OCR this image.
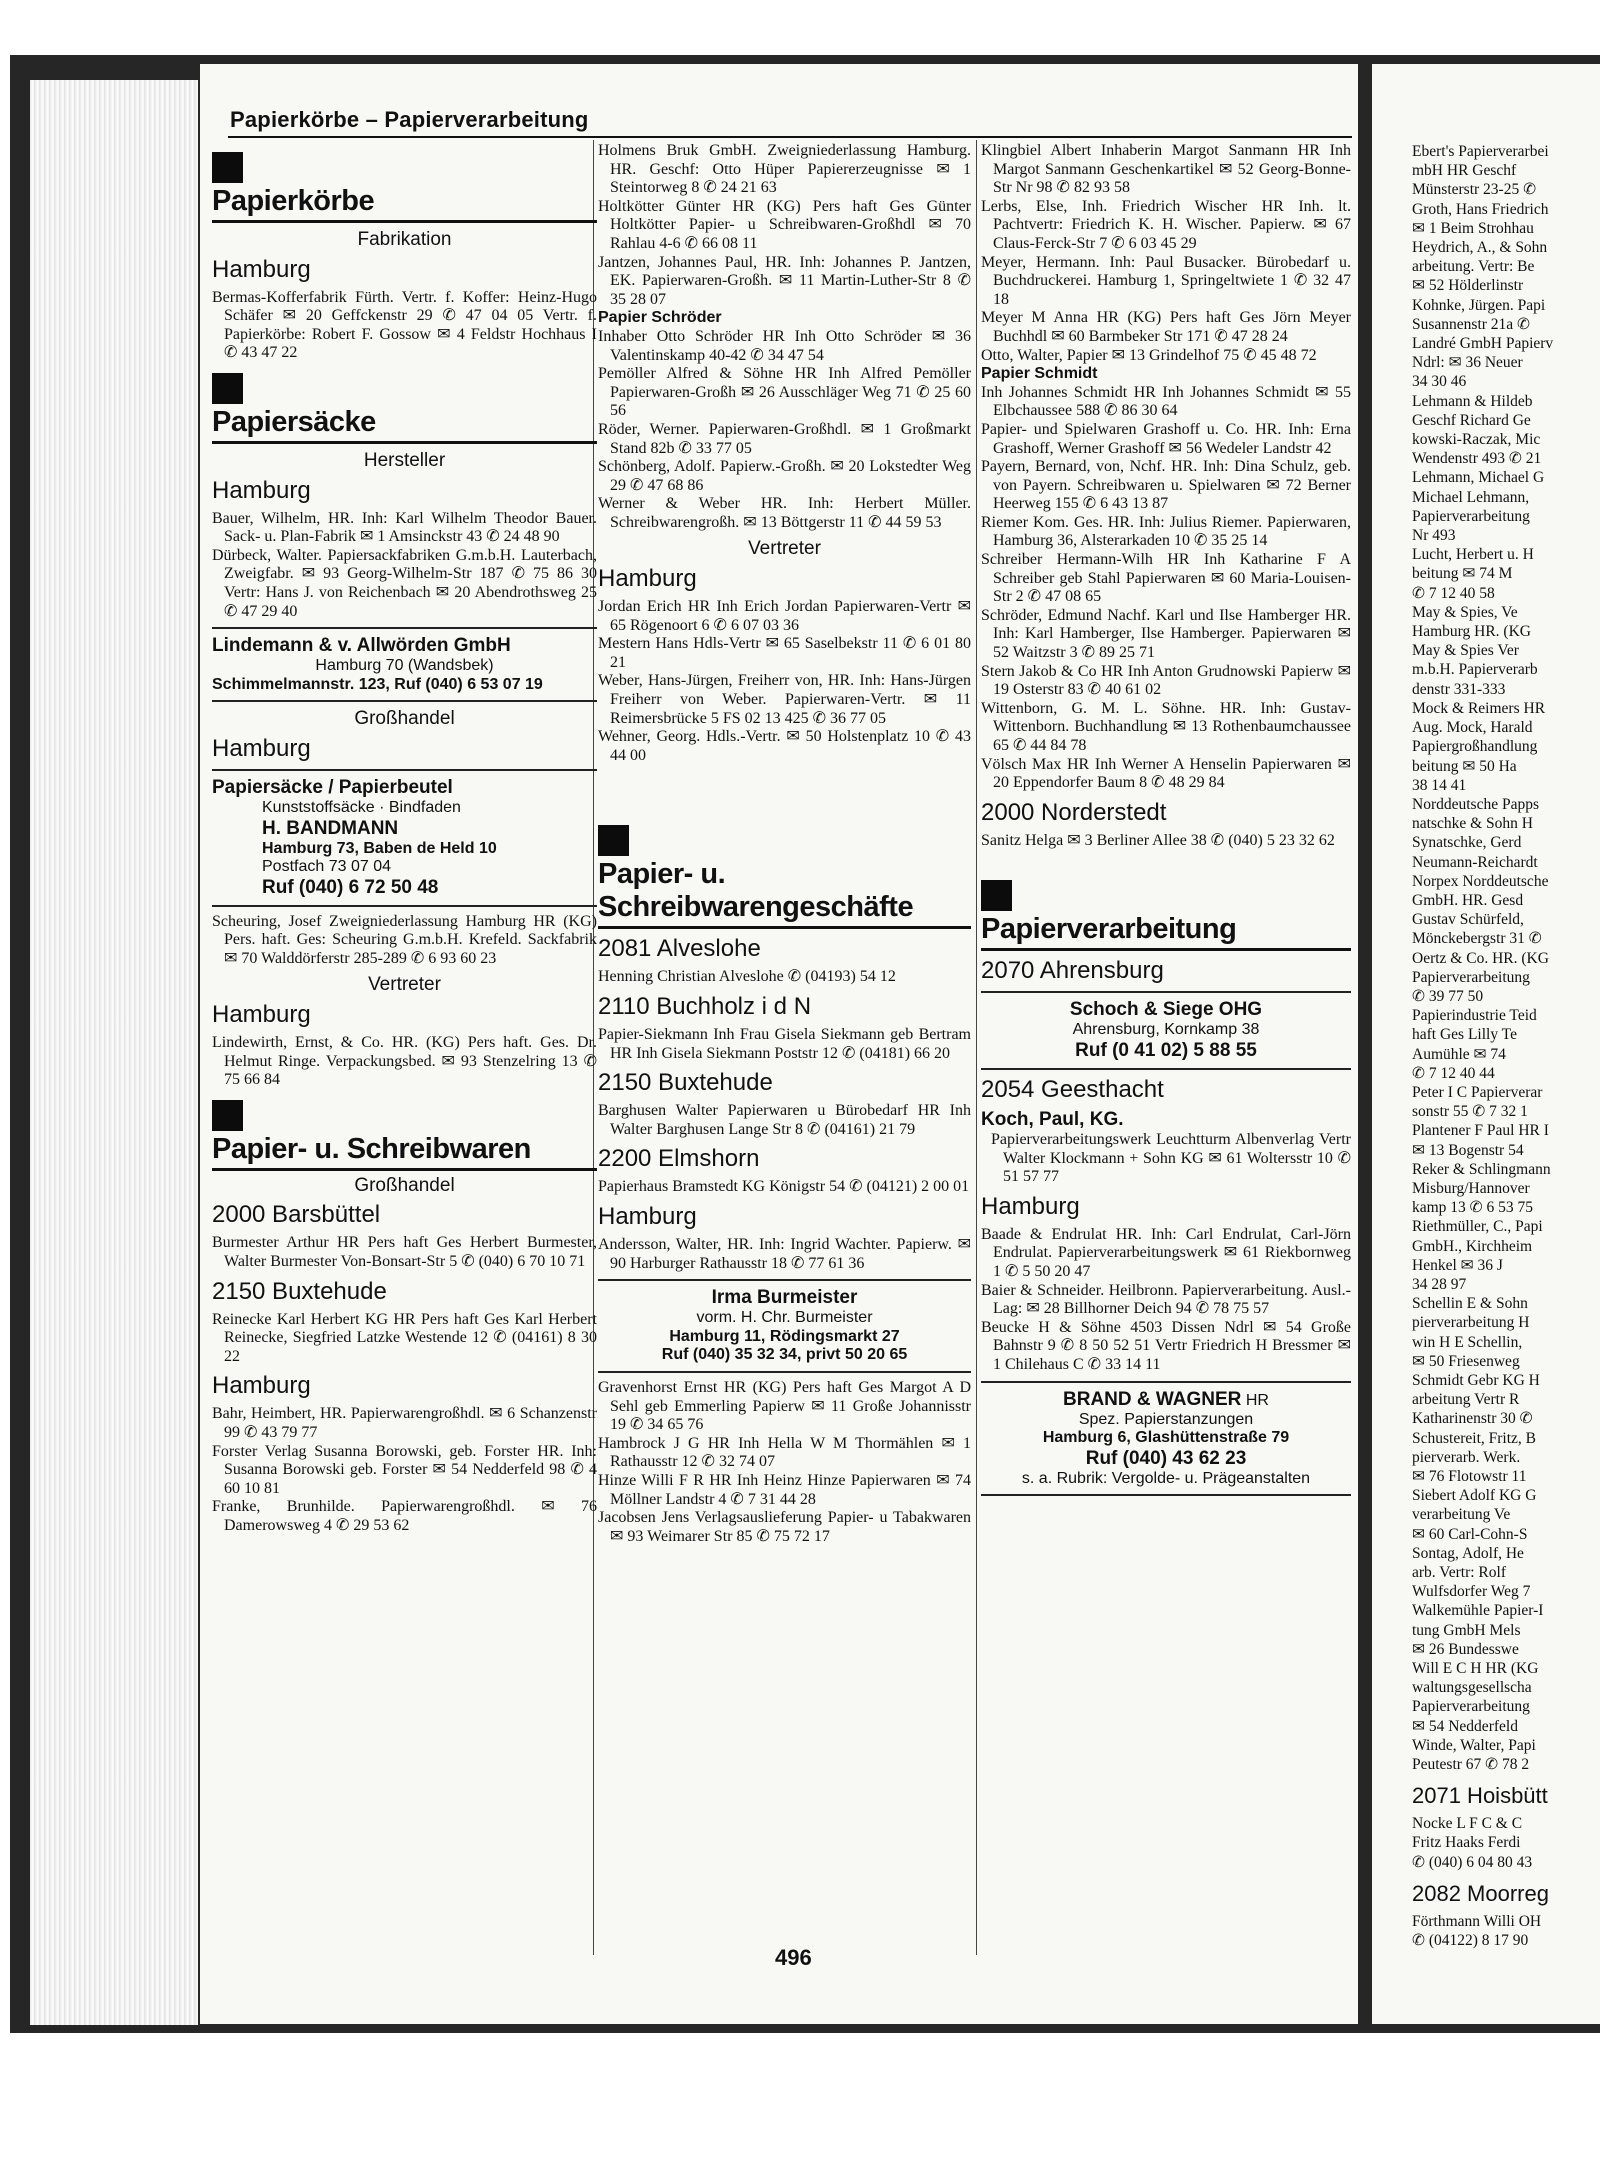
Papierkörbe – Papierverarbeitung
Papierkörbe
Fabrikation
Hamburg

Bermas-Kofferfabrik Fürth. Vertr. f. Koffer: Heinz-Hugo Schäfer ✉ 20 Geffckenstr 29 ✆ 47 04 05 Vertr. f. Papierkörbe: Robert F. Gossow ✉ 4 Feldstr Hochhaus I ✆ 43 47 22

Papiersäcke
Hersteller
Hamburg

Bauer, Wilhelm, HR. Inh: Karl Wilhelm Theodor Bauer. Sack- u. Plan-Fabrik ✉ 1 Amsinckstr 43 ✆ 24 48 90

Dürbeck, Walter. Papiersackfabriken G.m.b.H. Lauterbach, Zweigfabr. ✉ 93 Georg-Wilhelm-Str 187 ✆ 75 86 30 Vertr: Hans J. von Reichenbach ✉ 20 Abendrothsweg 25 ✆ 47 29 40

Lindemann & v. Allwörden GmbH
Hamburg 70 (Wandsbek)
Schimmelmannstr. 123, Ruf (040) 6 53 07 19
Großhandel
Hamburg
Papiersäcke / Papierbeutel
Kunststoffsäcke · Bindfaden
H. BANDMANN
Hamburg 73, Baben de Held 10
Postfach 73 07 04
Ruf (040) 6 72 50 48

Scheuring, Josef Zweigniederlassung Hamburg HR (KG) Pers. haft. Ges: Scheuring G.m.b.H. Krefeld. Sackfabrik ✉ 70 Walddörferstr 285-289 ✆ 6 93 60 23

Vertreter
Hamburg

Lindewirth, Ernst, & Co. HR. (KG) Pers haft. Ges. Dr. Helmut Ringe. Verpackungsbed. ✉ 93 Stenzelring 13 ✆ 75 66 84

Papier- u. Schreibwaren
Großhandel
2000 Barsbüttel

Burmester Arthur HR Pers haft Ges Herbert Burmester, Walter Burmester Von-Bonsart-Str 5 ✆ (040) 6 70 10 71

2150 Buxtehude

Reinecke Karl Herbert KG HR Pers haft Ges Karl Herbert Reinecke, Siegfried Latzke Westende 12 ✆ (04161) 8 30 22

Hamburg

Bahr, Heimbert, HR. Papierwarengroßhdl. ✉ 6 Schanzenstr 99 ✆ 43 79 77

Forster Verlag Susanna Borowski, geb. Forster HR. Inh: Susanna Borowski geb. Forster ✉ 54 Nedderfeld 98 ✆ 4 60 10 81

Franke, Brunhilde. Papierwarengroßhdl. ✉ 76 Damerowsweg 4 ✆ 29 53 62

Holmens Bruk GmbH. Zweigniederlassung Hamburg. HR. Geschf: Otto Hüper Papiererzeugnisse ✉ 1 Steintorweg 8 ✆ 24 21 63

Holtkötter Günter HR (KG) Pers haft Ges Günter Holtkötter Papier- u Schreibwaren-Großhdl ✉ 70 Rahlau 4-6 ✆ 66 08 11

Jantzen, Johannes Paul, HR. Inh: Johannes P. Jantzen, EK. Papierwaren-Großh. ✉ 11 Martin-Luther-Str 8 ✆ 35 28 07

Papier Schröder

Inhaber Otto Schröder HR Inh Otto Schröder ✉ 36 Valentinskamp 40-42 ✆ 34 47 54

Pemöller Alfred & Söhne HR Inh Alfred Pemöller Papierwaren-Großh ✉ 26 Ausschläger Weg 71 ✆ 25 60 56

Röder, Werner. Papierwaren-Großhdl. ✉ 1 Großmarkt Stand 82b ✆ 33 77 05

Schönberg, Adolf. Papierw.-Großh. ✉ 20 Lokstedter Weg 29 ✆ 47 68 86

Werner & Weber HR. Inh: Herbert Müller. Schreibwarengroßh. ✉ 13 Böttgerstr 11 ✆ 44 59 53

Vertreter
Hamburg

Jordan Erich HR Inh Erich Jordan Papierwaren-Vertr ✉ 65 Rögenoort 6 ✆ 6 07 03 36

Mestern Hans Hdls-Vertr ✉ 65 Saselbekstr 11 ✆ 6 01 80 21

Weber, Hans-Jürgen, Freiherr von, HR. Inh: Hans-Jürgen Freiherr von Weber. Papierwaren-Vertr. ✉ 11 Reimersbrücke 5 FS 02 13 425 ✆ 36 77 05

Wehner, Georg. Hdls.-Vertr. ✉ 50 Holstenplatz 10 ✆ 43 44 00

Papier- u. Schreibwarengeschäfte
2081 Alveslohe

Henning Christian Alveslohe ✆ (04193) 54 12

2110 Buchholz i d N

Papier-Siekmann Inh Frau Gisela Siekmann geb Bertram HR Inh Gisela Siekmann Poststr 12 ✆ (04181) 66 20

2150 Buxtehude

Barghusen Walter Papierwaren u Bürobedarf HR Inh Walter Barghusen Lange Str 8 ✆ (04161) 21 79

2200 Elmshorn

Papierhaus Bramstedt KG Königstr 54 ✆ (04121) 2 00 01

Hamburg

Andersson, Walter, HR. Inh: Ingrid Wachter. Papierw. ✉ 90 Harburger Rathausstr 18 ✆ 77 61 36

Irma Burmeister
vorm. H. Chr. Burmeister
Hamburg 11, Rödingsmarkt 27
Ruf (040) 35 32 34, privt 50 20 65

Gravenhorst Ernst HR (KG) Pers haft Ges Margot A D Sehl geb Emmerling Papierw ✉ 11 Große Johannisstr 19 ✆ 34 65 76

Hambrock J G HR Inh Hella W M Thormählen ✉ 1 Rathausstr 12 ✆ 32 74 07

Hinze Willi F R HR Inh Heinz Hinze Papierwaren ✉ 74 Möllner Landstr 4 ✆ 7 31 44 28

Jacobsen Jens Verlagsauslieferung Papier- u Tabakwaren ✉ 93 Weimarer Str 85 ✆ 75 72 17

Klingbiel Albert Inhaberin Margot Sanmann HR Inh Margot Sanmann Geschenkartikel ✉ 52 Georg-Bonne-Str Nr 98 ✆ 82 93 58

Lerbs, Else, Inh. Friedrich Wischer HR Inh. lt. Pachtvertr: Friedrich K. H. Wischer. Papierw. ✉ 67 Claus-Ferck-Str 7 ✆ 6 03 45 29

Meyer, Hermann. Inh: Paul Busacker. Bürobedarf u. Buchdruckerei. Hamburg 1, Springeltwiete 1 ✆ 32 47 18

Meyer M Anna HR (KG) Pers haft Ges Jörn Meyer Buchhdl ✉ 60 Barmbeker Str 171 ✆ 47 28 24

Otto, Walter, Papier ✉ 13 Grindelhof 75 ✆ 45 48 72

Papier Schmidt

Inh Johannes Schmidt HR Inh Johannes Schmidt ✉ 55 Elbchaussee 588 ✆ 86 30 64

Papier- und Spielwaren Grashoff u. Co. HR. Inh: Erna Grashoff, Werner Grashoff ✉ 56 Wedeler Landstr 42

Payern, Bernard, von, Nchf. HR. Inh: Dina Schulz, geb. von Payern. Schreibwaren u. Spielwaren ✉ 72 Berner Heerweg 155 ✆ 6 43 13 87

Riemer Kom. Ges. HR. Inh: Julius Riemer. Papierwaren, Hamburg 36, Alsterarkaden 10 ✆ 35 25 14

Schreiber Hermann-Wilh HR Inh Katharine F A Schreiber geb Stahl Papierwaren ✉ 60 Maria-Louisen-Str 2 ✆ 47 08 65

Schröder, Edmund Nachf. Karl und Ilse Hamberger HR. Inh: Karl Hamberger, Ilse Hamberger. Papierwaren ✉ 52 Waitzstr 3 ✆ 89 25 71

Stern Jakob & Co HR Inh Anton Grudnowski Papierw ✉ 19 Osterstr 83 ✆ 40 61 02

Wittenborn, G. M. L. Söhne. HR. Inh: Gustav-Wittenborn. Buchhandlung ✉ 13 Rothenbaumchaussee 65 ✆ 44 84 78

Völsch Max HR Inh Werner A Henselin Papierwaren ✉ 20 Eppendorfer Baum 8 ✆ 48 29 84

2000 Norderstedt

Sanitz Helga ✉ 3 Berliner Allee 38 ✆ (040) 5 23 32 62

Papierverarbeitung
2070 Ahrensburg
Schoch & Siege OHG
Ahrensburg, Kornkamp 38
Ruf (0 41 02) 5 88 55
2054 Geesthacht

Koch, Paul, KG.

Papierverarbeitungswerk Leuchtturm Albenverlag Vertr Walter Klockmann + Sohn KG ✉ 61 Woltersstr 10 ✆ 51 57 77

Hamburg

Baade & Endrulat HR. Inh: Carl Endrulat, Carl-Jörn Endrulat. Papierverarbeitungswerk ✉ 61 Riekbornweg 1 ✆ 5 50 20 47

Baier & Schneider. Heilbronn. Papierverarbeitung. Ausl.-Lag: ✉ 28 Billhorner Deich 94 ✆ 78 75 57

Beucke H & Söhne 4503 Dissen Ndrl ✉ 54 Große Bahnstr 9 ✆ 8 50 52 51 Vertr Friedrich H Bressmer ✉ 1 Chilehaus C ✆ 33 14 11

BRAND & WAGNER HR
Spez. Papierstanzungen
Hamburg 6, Glashüttenstraße 79
Ruf (040) 43 62 23
s. a. Rubrik: Vergolde- u. Prägeanstalten
496
Ebert's Papierverarbei
mbH HR Geschf
Münsterstr 23-25 ✆
Groth, Hans Friedrich
✉ 1 Beim Strohhau
Heydrich, A., & Sohn
arbeitung. Vertr: Be
✉ 52 Hölderlinstr
Kohnke, Jürgen. Papi
Susannenstr 21a ✆
Landré GmbH Papierv
Ndrl: ✉ 36 Neuer
34 30 46
Lehmann & Hildeb
Geschf Richard Ge
kowski-Raczak, Mic
Wendenstr 493 ✆ 21
Lehmann, Michael G
Michael Lehmann,
Papierverarbeitung
Nr 493
Lucht, Herbert u. H
beitung ✉ 74 M
✆ 7 12 40 58
May & Spies, Ve
Hamburg HR. (KG
May & Spies Ver
m.b.H. Papierverarb
denstr 331-333
Mock & Reimers HR
Aug. Mock, Harald
Papiergroßhandlung
beitung ✉ 50 Ha
38 14 41
Norddeutsche Papps
natschke & Sohn H
Synatschke, Gerd
Neumann-Reichardt
Norpex Norddeutsche
GmbH. HR. Gesd
Gustav Schürfeld,
Mönckebergstr 31 ✆
Oertz & Co. HR. (KG
Papierverarbeitung
✆ 39 77 50
Papierindustrie Teid
haft Ges Lilly Te
Aumühle ✉ 74
✆ 7 12 40 44
Peter I C Papierverar
sonstr 55 ✆ 7 32 1
Plantener F Paul HR I
✉ 13 Bogenstr 54
Reker & Schlingmann
Misburg/Hannover
kamp 13 ✆ 6 53 75
Riethmüller, C., Papi
GmbH., Kirchheim
Henkel ✉ 36 J
34 28 97
Schellin E & Sohn
pierverarbeitung H
win H E Schellin,
✉ 50 Friesenweg
Schmidt Gebr KG H
arbeitung Vertr R
Katharinenstr 30 ✆
Schustereit, Fritz, B
pierverarb. Werk.
✉ 76 Flotowstr 11
Siebert Adolf KG G
verarbeitung Ve
✉ 60 Carl-Cohn-S
Sontag, Adolf, He
arb. Vertr: Rolf
Wulfsdorfer Weg 7
Walkemühle Papier-I
tung GmbH Mels
✉ 26 Bundesswe
Will E C H HR (KG
waltungsgesellscha
Papierverarbeitung
✉ 54 Nedderfeld
Winde, Walter, Papi
Peutestr 67 ✆ 78 2
2071 Hoisbütt
Nocke L F C & C
Fritz Haaks Ferdi
✆ (040) 6 04 80 43
2082 Moorreg
Förthmann Willi OH
✆ (04122) 8 17 90
